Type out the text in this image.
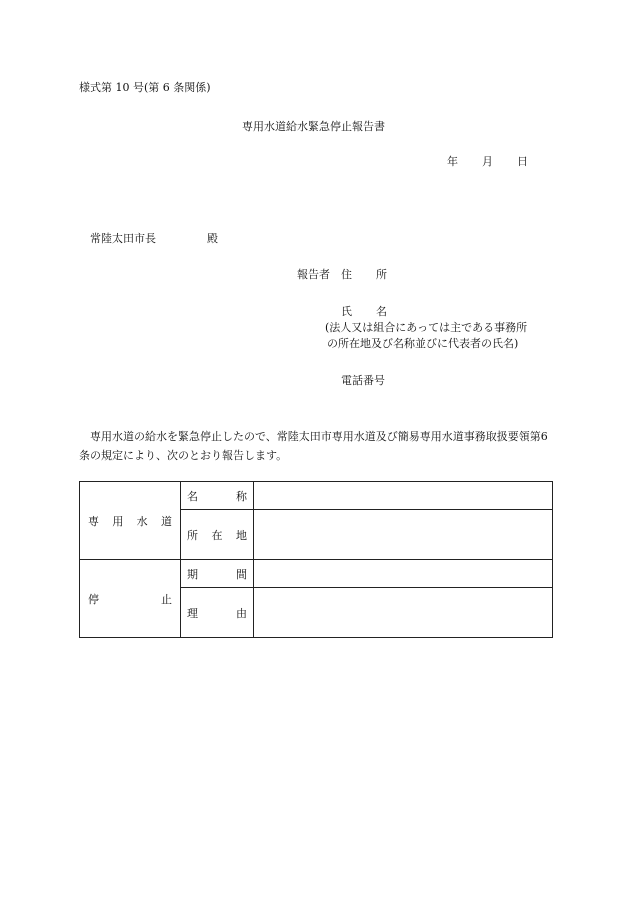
様式第 10 号(第 6 条関係)
専用水道給水緊急停止報告書
年 月 日
常陸太田市長	殿
報告者 住 所
氏 名
(法人又は組合にあっては主である事務所
の所在地及び名称並びに代表者の氏名)
電話番号
専用水道の給水を緊急停止したので、常陸太田市専用水道及び簡易専用水道事務取扱要領第6条の規定により、次のとおり報告します。
専 用 水 道	名 称	

	所 在 地	

停 止	期 間	

	理 由	
